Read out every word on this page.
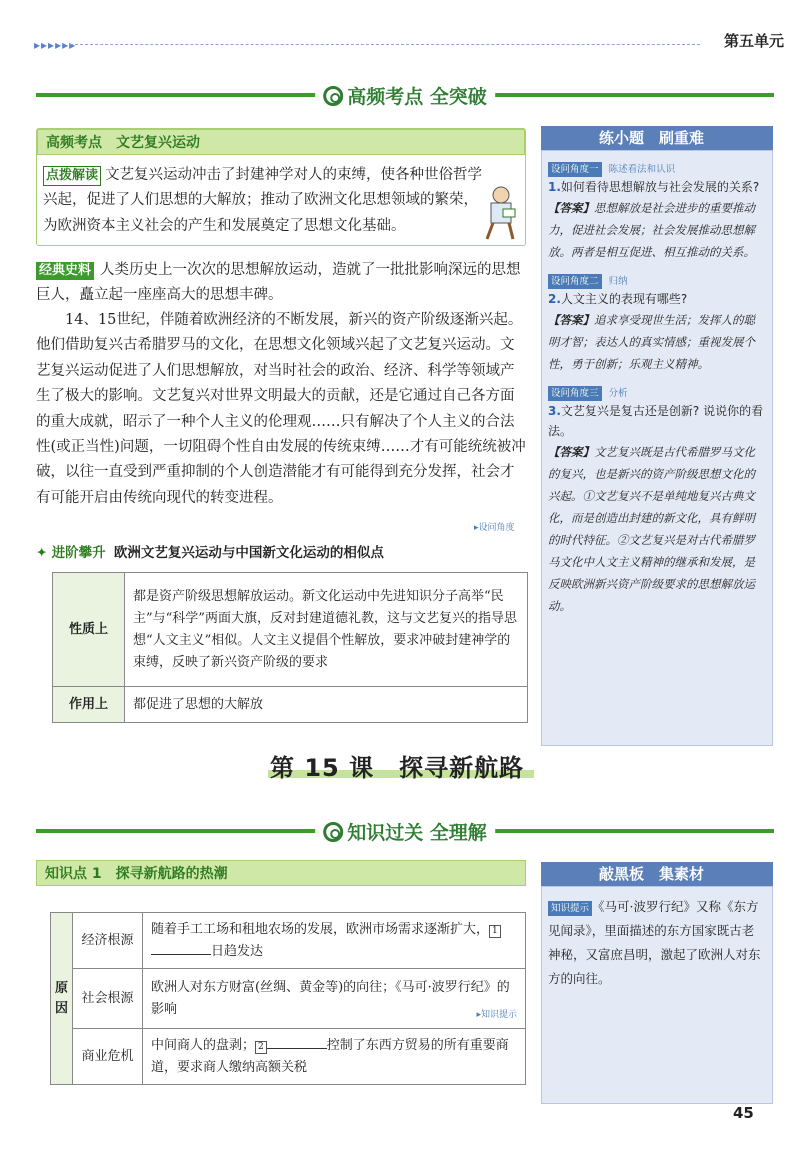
▸▸▸▸▸▸	第五单元
高频考点 全突破
高频考点　文艺复兴运动
点拨解读 文艺复兴运动冲击了封建神学对人的束缚，使各种世俗哲学兴起，促进了人们思想的大解放；推动了欧洲文化思想领域的繁荣，为欧洲资本主义社会的产生和发展奠定了思想文化基础。
经典史料 人类历史上一次次的思想解放运动，造就了一批批影响深远的思想巨人，矗立起一座座高大的思想丰碑。
14、15世纪，伴随着欧洲经济的不断发展，新兴的资产阶级逐渐兴起。他们借助复兴古希腊罗马的文化，在思想文化领域兴起了文艺复兴运动。文艺复兴运动促进了人们思想解放，对当时社会的政治、经济、科学等领域产生了极大的影响。文艺复兴对世界文明最大的贡献，还是它通过自己各方面的重大成就，昭示了一种个人主义的伦理观……只有解决了个人主义的合法性(或正当性)问题，一切阻碍个性自由发展的传统束缚……才有可能统统被冲破，以往一直受到严重抑制的个人创造潜能才有可能得到充分发挥，社会才有可能开启由传统向现代的转变进程。
▸设问角度
✦ 进阶攀升 欧洲文艺复兴运动与中国新文化运动的相似点
性质上	都是资产阶级思想解放运动。新文化运动中先进知识分子高举“民主”与“科学”两面大旗，反对封建道德礼教，这与文艺复兴的指导思想“人文主义”相似。人文主义提倡个性解放，要求冲破封建神学的束缚，反映了新兴资产阶级的要求
作用上	都促进了思想的大解放
练小题　刷重难
设问角度一 陈述看法和认识
1.如何看待思想解放与社会发展的关系?
【答案】思想解放是社会进步的重要推动力，促进社会发展；社会发展推动思想解放。两者是相互促进、相互推动的关系。
设问角度二 归纳
2.人文主义的表现有哪些?
【答案】追求享受现世生活；发挥人的聪明才智；表达人的真实情感；重视发展个性，勇于创新；乐观主义精神。
设问角度三 分析
3.文艺复兴是复古还是创新? 说说你的看法。
【答案】文艺复兴既是古代希腊罗马文化的复兴，也是新兴的资产阶级思想文化的兴起。①文艺复兴不是单纯地复兴古典文化，而是创造出封建的新文化，具有鲜明的时代特征。②文艺复兴是对古代希腊罗马文化中人文主义精神的继承和发展，是反映欧洲新兴资产阶级要求的思想解放运动。
第 15 课　探寻新航路
知识过关 全理解
知识点 1　探寻新航路的热潮
原因	经济根源	随着手工工场和租地农场的发展，欧洲市场需求逐渐扩大， 1日趋发达
	社会根源	欧洲人对东方财富(丝绸、黄金等)的向往；《马可·波罗行纪》的影响 ▸知识提示

	商业危机	中间商人的盘剥； 2 控制了东西方贸易的所有重要商道，要求商人缴纳高额关税
敲黑板　集素材
知识提示 《马可·波罗行纪》又称《东方见闻录》，里面描述的东方国家既古老神秘，又富庶昌明，激起了欧洲人对东方的向往。
45
